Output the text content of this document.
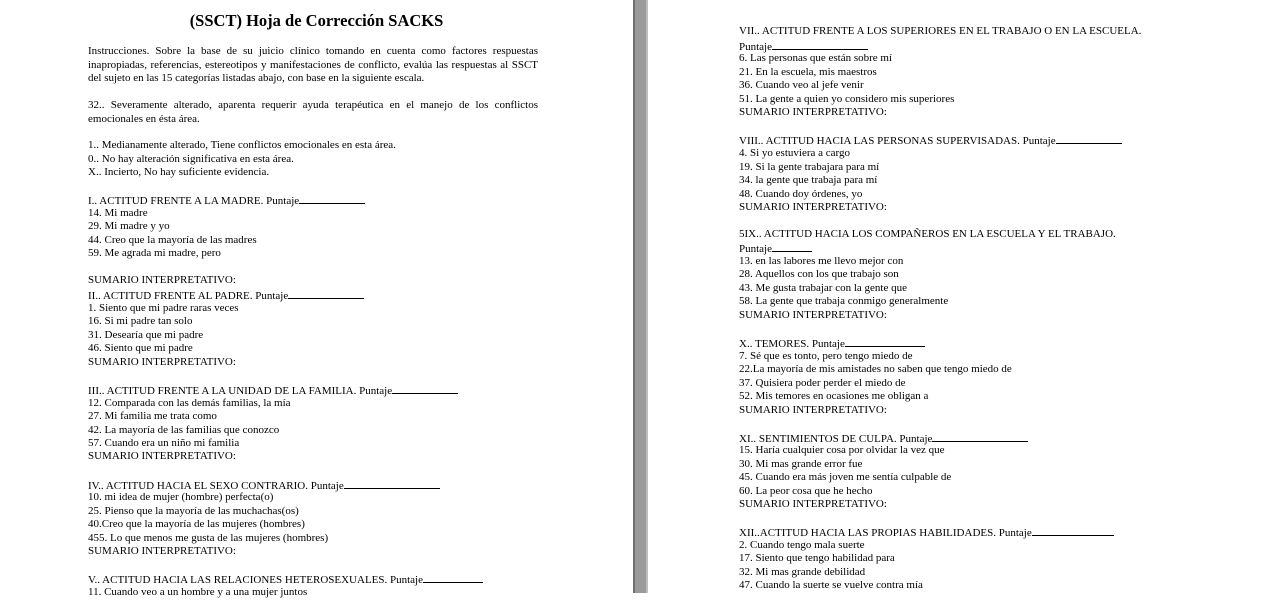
(SSCT) Hoja de Corrección SACKS
Instrucciones. Sobre la base de su juicio clínico tomando en cuenta como factores respuestas inapropiadas, referencias, estereotipos y manifestaciones de conflicto, evalúa las respuestas al SSCT del sujeto en las 15 categorías listadas abajo, con base en la siguiente escala.
32.. Severamente alterado, aparenta requerir ayuda terapéutica en el manejo de los conflictos emocionales en ésta área.
1.. Medianamente alterado, Tiene conflictos emocionales en esta área.
0.. No hay alteración significativa en esta área.
X.. Incierto, No hay suficiente evidencia.
I.. ACTITUD FRENTE A LA MADRE. Puntaje
14. Mi madre
29. Mi madre y yo
44. Creo que la mayoría de las madres
59. Me agrada mi madre, pero
SUMARIO INTERPRETATIVO:
II.. ACTITUD FRENTE AL PADRE. Puntaje
1. Siento que mi padre raras veces
16. Si mi padre tan solo
31. Desearía que mi padre
46. Siento que mi padre
SUMARIO INTERPRETATIVO:
III.. ACTITUD FRENTE A LA UNIDAD DE LA FAMILIA. Puntaje
12. Comparada con las demás familias, la mía
27. Mi familia me trata como
42. La mayoría de las familias que conozco
57. Cuando era un niño mi familia
SUMARIO INTERPRETATIVO:
IV.. ACTITUD HACIA EL SEXO CONTRARIO. Puntaje
10. mi idea de mujer (hombre) perfecta(o)
25. Pienso que la mayoría de las muchachas(os)
40.Creo que la mayoría de las mujeres (hombres)
455. Lo que menos me gusta de las mujeres (hombres)
SUMARIO INTERPRETATIVO:
V.. ACTITUD HACIA LAS RELACIONES HETEROSEXUALES. Puntaje
11. Cuando veo a un hombre y a una mujer juntos
VII.. ACTITUD FRENTE A LOS SUPERIORES EN EL TRABAJO O EN LA ESCUELA.
Puntaje
6. Las personas que están sobre mí
21. En la escuela, mis maestros
36. Cuando veo al jefe venir
51. La gente a quien yo considero mis superiores
SUMARIO INTERPRETATIVO:
VIII.. ACTITUD HACIA LAS PERSONAS SUPERVISADAS. Puntaje
4. Si yo estuviera a cargo
19. Si la gente trabajara para mí
34. la gente que trabaja para mí
48. Cuando doy órdenes, yo
SUMARIO INTERPRETATIVO:
5IX.. ACTITUD HACIA LOS COMPAÑEROS EN LA ESCUELA Y EL TRABAJO.
Puntaje
13. en las labores me llevo mejor con
28. Aquellos con los que trabajo son
43. Me gusta trabajar con la gente que
58. La gente que trabaja conmigo generalmente
SUMARIO INTERPRETATIVO:
X.. TEMORES. Puntaje
7. Sé que es tonto, pero tengo miedo de
22.La mayoría de mis amistades no saben que tengo miedo de
37. Quisiera poder perder el miedo de
52. Mis temores en ocasiones me obligan a
SUMARIO INTERPRETATIVO:
XI.. SENTIMIENTOS DE CULPA. Puntaje
15. Haría cualquier cosa por olvidar la vez que
30. Mi mas grande error fue
45. Cuando era más joven me sentía culpable de
60. La peor cosa que he hecho
SUMARIO INTERPRETATIVO:
XII..ACTITUD HACIA LAS PROPIAS HABILIDADES. Puntaje
2. Cuando tengo mala suerte
17. Siento que tengo habilidad para
32. Mi mas grande debilidad
47. Cuando la suerte se vuelve contra mía
